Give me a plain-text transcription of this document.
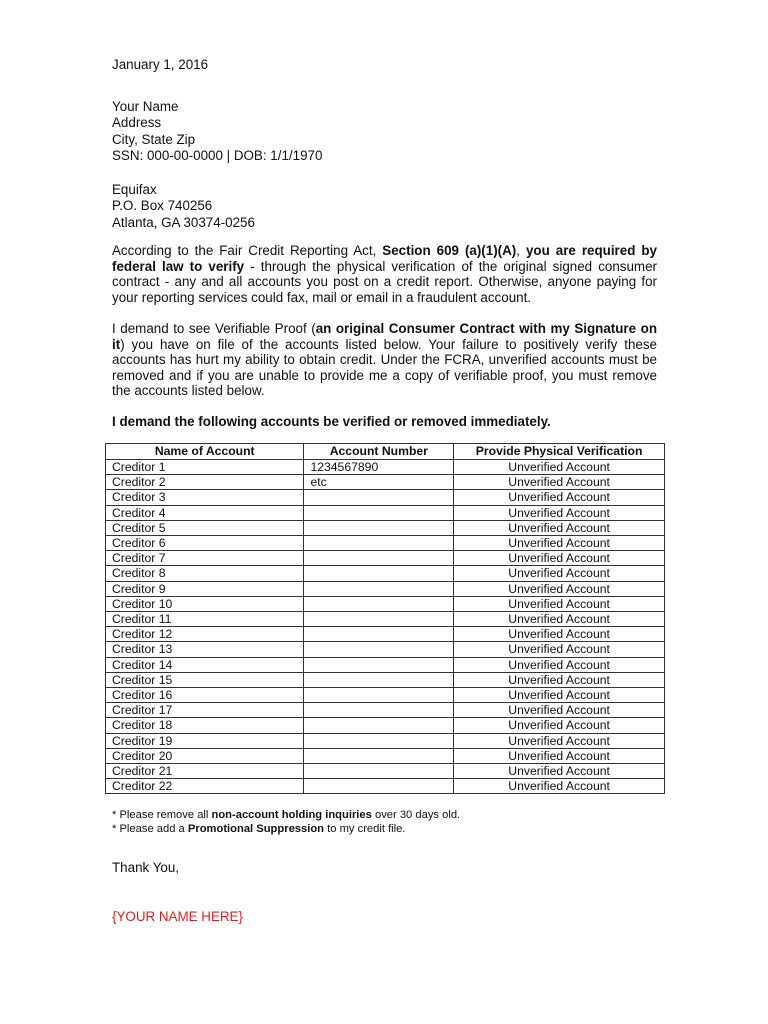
January 1, 2016
Your Name
Address
City, State Zip
SSN: 000-00-0000 | DOB: 1/1/1970
Equifax
P.O. Box 740256
Atlanta, GA 30374-0256
According to the Fair Credit Reporting Act, Section 609 (a)(1)(A), you are required by federal law to verify - through the physical verification of the original signed consumer contract - any and all accounts you post on a credit report. Otherwise, anyone paying for your reporting services could fax, mail or email in a fraudulent account.
I demand to see Verifiable Proof (an original Consumer Contract with my Signature on it) you have on file of the accounts listed below. Your failure to positively verify these accounts has hurt my ability to obtain credit. Under the FCRA, unverified accounts must be removed and if you are unable to provide me a copy of verifiable proof, you must remove the accounts listed below.
I demand the following accounts be verified or removed immediately.
Name of Account	Account Number	Provide Physical Verification
Creditor 1	1234567890	Unverified Account
Creditor 2	etc	Unverified Account
Creditor 3		Unverified Account
Creditor 4		Unverified Account
Creditor 5		Unverified Account
Creditor 6		Unverified Account
Creditor 7		Unverified Account
Creditor 8		Unverified Account
Creditor 9		Unverified Account
Creditor 10		Unverified Account
Creditor 11		Unverified Account
Creditor 12		Unverified Account
Creditor 13		Unverified Account
Creditor 14		Unverified Account
Creditor 15		Unverified Account
Creditor 16		Unverified Account
Creditor 17		Unverified Account
Creditor 18		Unverified Account
Creditor 19		Unverified Account
Creditor 20		Unverified Account
Creditor 21		Unverified Account
Creditor 22		Unverified Account
* Please remove all non-account holding inquiries over 30 days old.
* Please add a Promotional Suppression to my credit file.
Thank You,
{YOUR NAME HERE}
